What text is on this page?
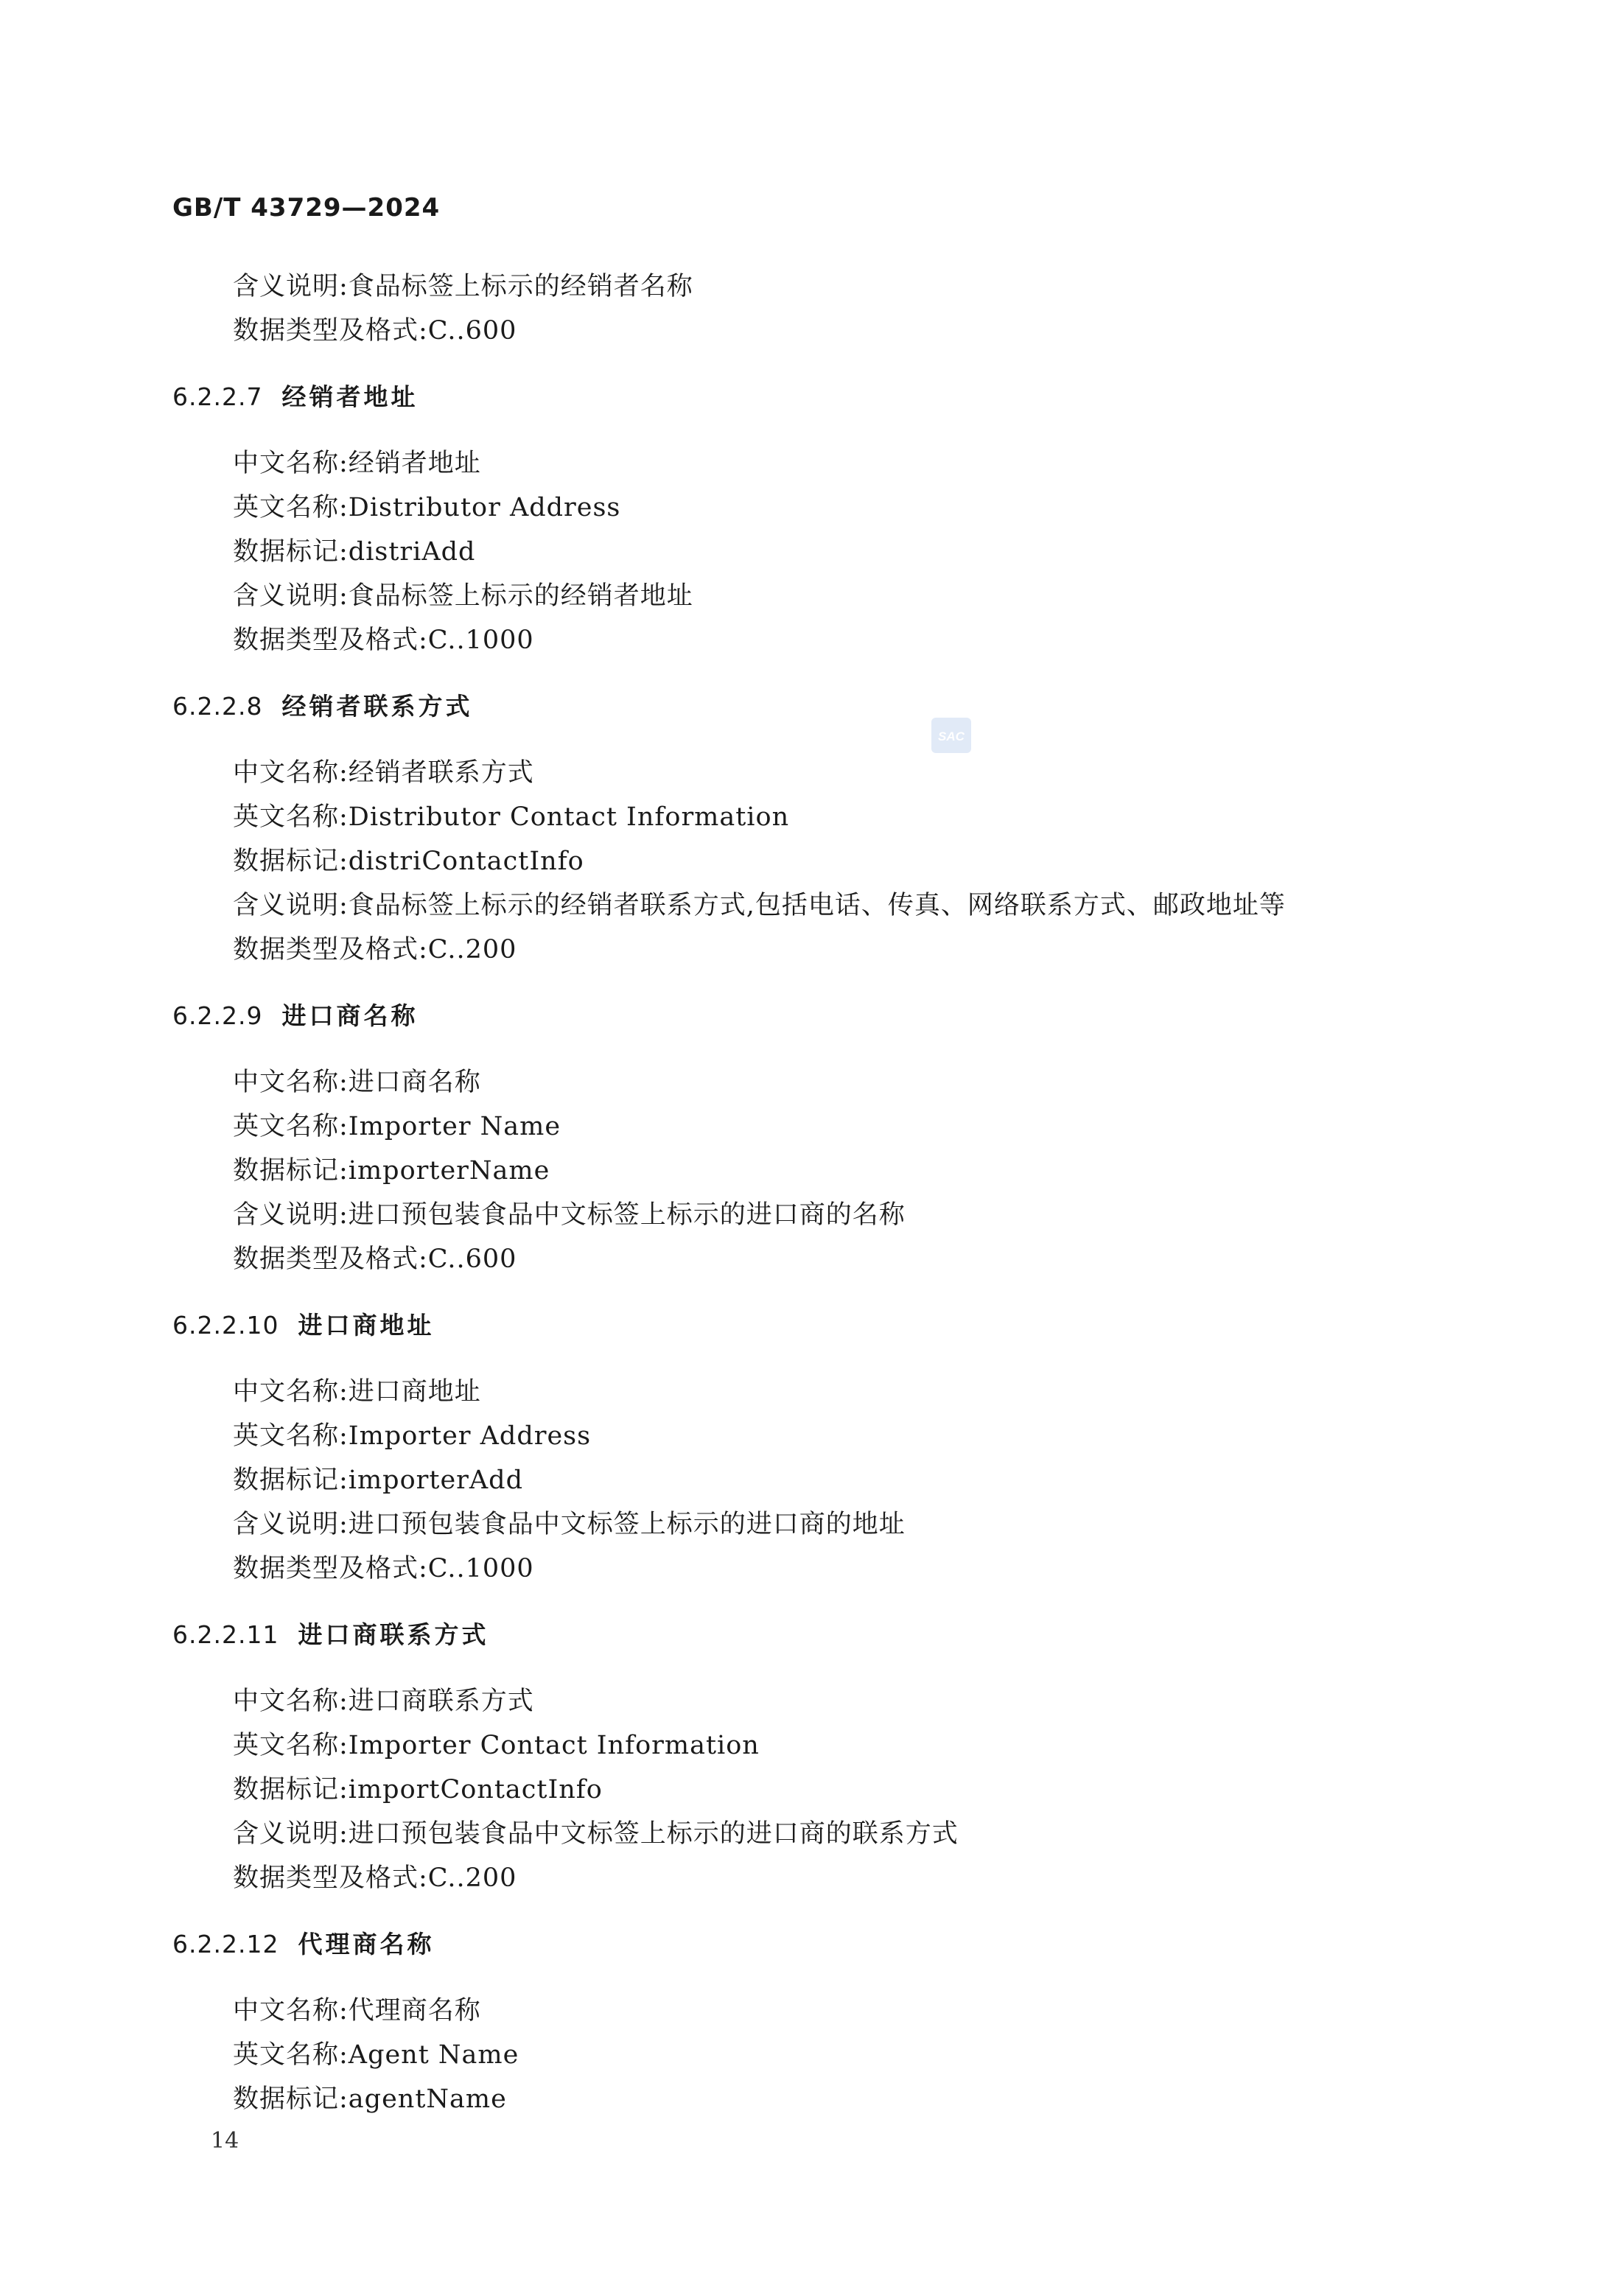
GB/T 43729—2024
含义说明:食品标签上标示的经销者名称
数据类型及格式:C..600
6.2.2.7 经销者地址
中文名称:经销者地址
英文名称:Distributor Address
数据标记:distriAdd
含义说明:食品标签上标示的经销者地址
数据类型及格式:C..1000
6.2.2.8 经销者联系方式
中文名称:经销者联系方式
英文名称:Distributor Contact Information
数据标记:distriContactInfo
含义说明:食品标签上标示的经销者联系方式,包括电话、传真、网络联系方式、邮政地址等
数据类型及格式:C..200
6.2.2.9 进口商名称
中文名称:进口商名称
英文名称:Importer Name
数据标记:importerName
含义说明:进口预包装食品中文标签上标示的进口商的名称
数据类型及格式:C..600
6.2.2.10 进口商地址
中文名称:进口商地址
英文名称:Importer Address
数据标记:importerAdd
含义说明:进口预包装食品中文标签上标示的进口商的地址
数据类型及格式:C..1000
6.2.2.11 进口商联系方式
中文名称:进口商联系方式
英文名称:Importer Contact Information
数据标记:importContactInfo
含义说明:进口预包装食品中文标签上标示的进口商的联系方式
数据类型及格式:C..200
6.2.2.12 代理商名称
中文名称:代理商名称
英文名称:Agent Name
数据标记:agentName
SAC
14
